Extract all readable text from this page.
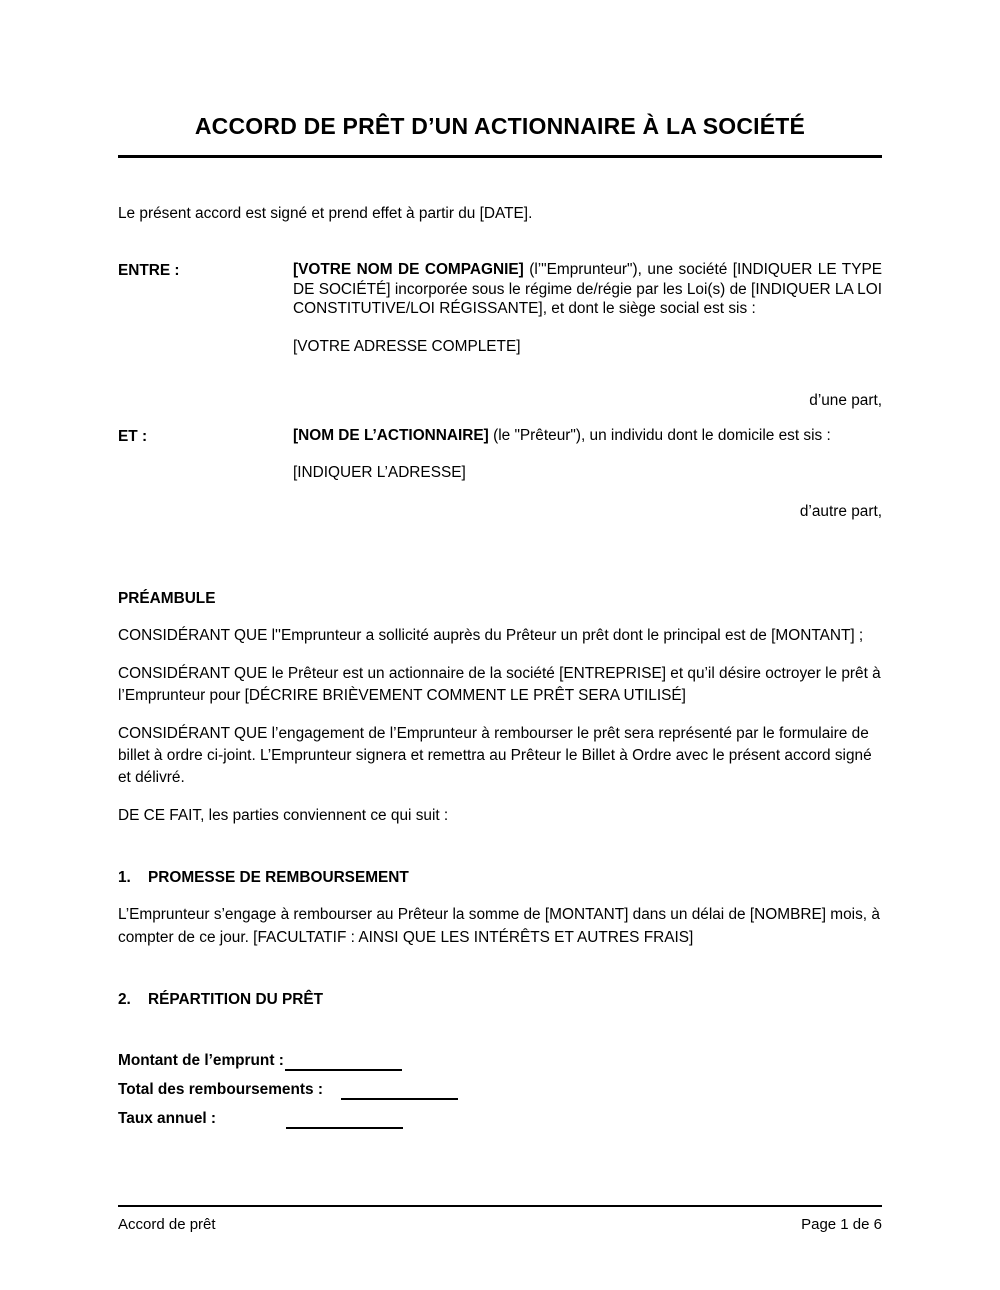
ACCORD DE PRÊT D’UN ACTIONNAIRE À LA SOCIÉTÉ

Le présent accord est signé et prend effet à partir du [DATE].

ENTRE :	[VOTRE NOM DE COMPAGNIE] (l’"Emprunteur"), une société [INDIQUER LE TYPE DE SOCIÉTÉ] incorporée sous le régime de/régie par les Loi(s) de [INDIQUER LA LOI CONSTITUTIVE/LOI RÉGISSANTE], et dont le siège social est sis :

[VOTRE ADRESSE COMPLETE]

d’une part,

ET :	[NOM DE L’ACTIONNAIRE] (le "Prêteur"), un individu dont le domicile est sis :

[INDIQUER L’ADRESSE]

d’autre part,

PRÉAMBULE

CONSIDÉRANT QUE l''Emprunteur a sollicité auprès du Prêteur un prêt dont le principal est de [MONTANT] ;

CONSIDÉRANT QUE le Prêteur est un actionnaire de la société [ENTREPRISE] et qu’il désire octroyer le prêt à l’Emprunteur pour [DÉCRIRE BRIÈVEMENT COMMENT LE PRÊT SERA UTILISÉ]

CONSIDÉRANT QUE l’engagement de l’Emprunteur à rembourser le prêt sera représenté par le formulaire de billet à ordre ci-joint. L’Emprunteur signera et remettra au Prêteur le Billet à Ordre avec le présent accord signé et délivré.

DE CE FAIT, les parties conviennent ce qui suit :

1.	PROMESSE DE REMBOURSEMENT

L’Emprunteur s’engage à rembourser au Prêteur la somme de [MONTANT] dans un délai de [NOMBRE] mois, à compter de ce jour. [FACULTATIF : AINSI QUE LES INTÉRÊTS ET AUTRES FRAIS]

2.	RÉPARTITION DU PRÊT
Montant de l’emprunt :
Total des remboursements :
Taux annuel :
Accord de prêt	Page 1 de 6
